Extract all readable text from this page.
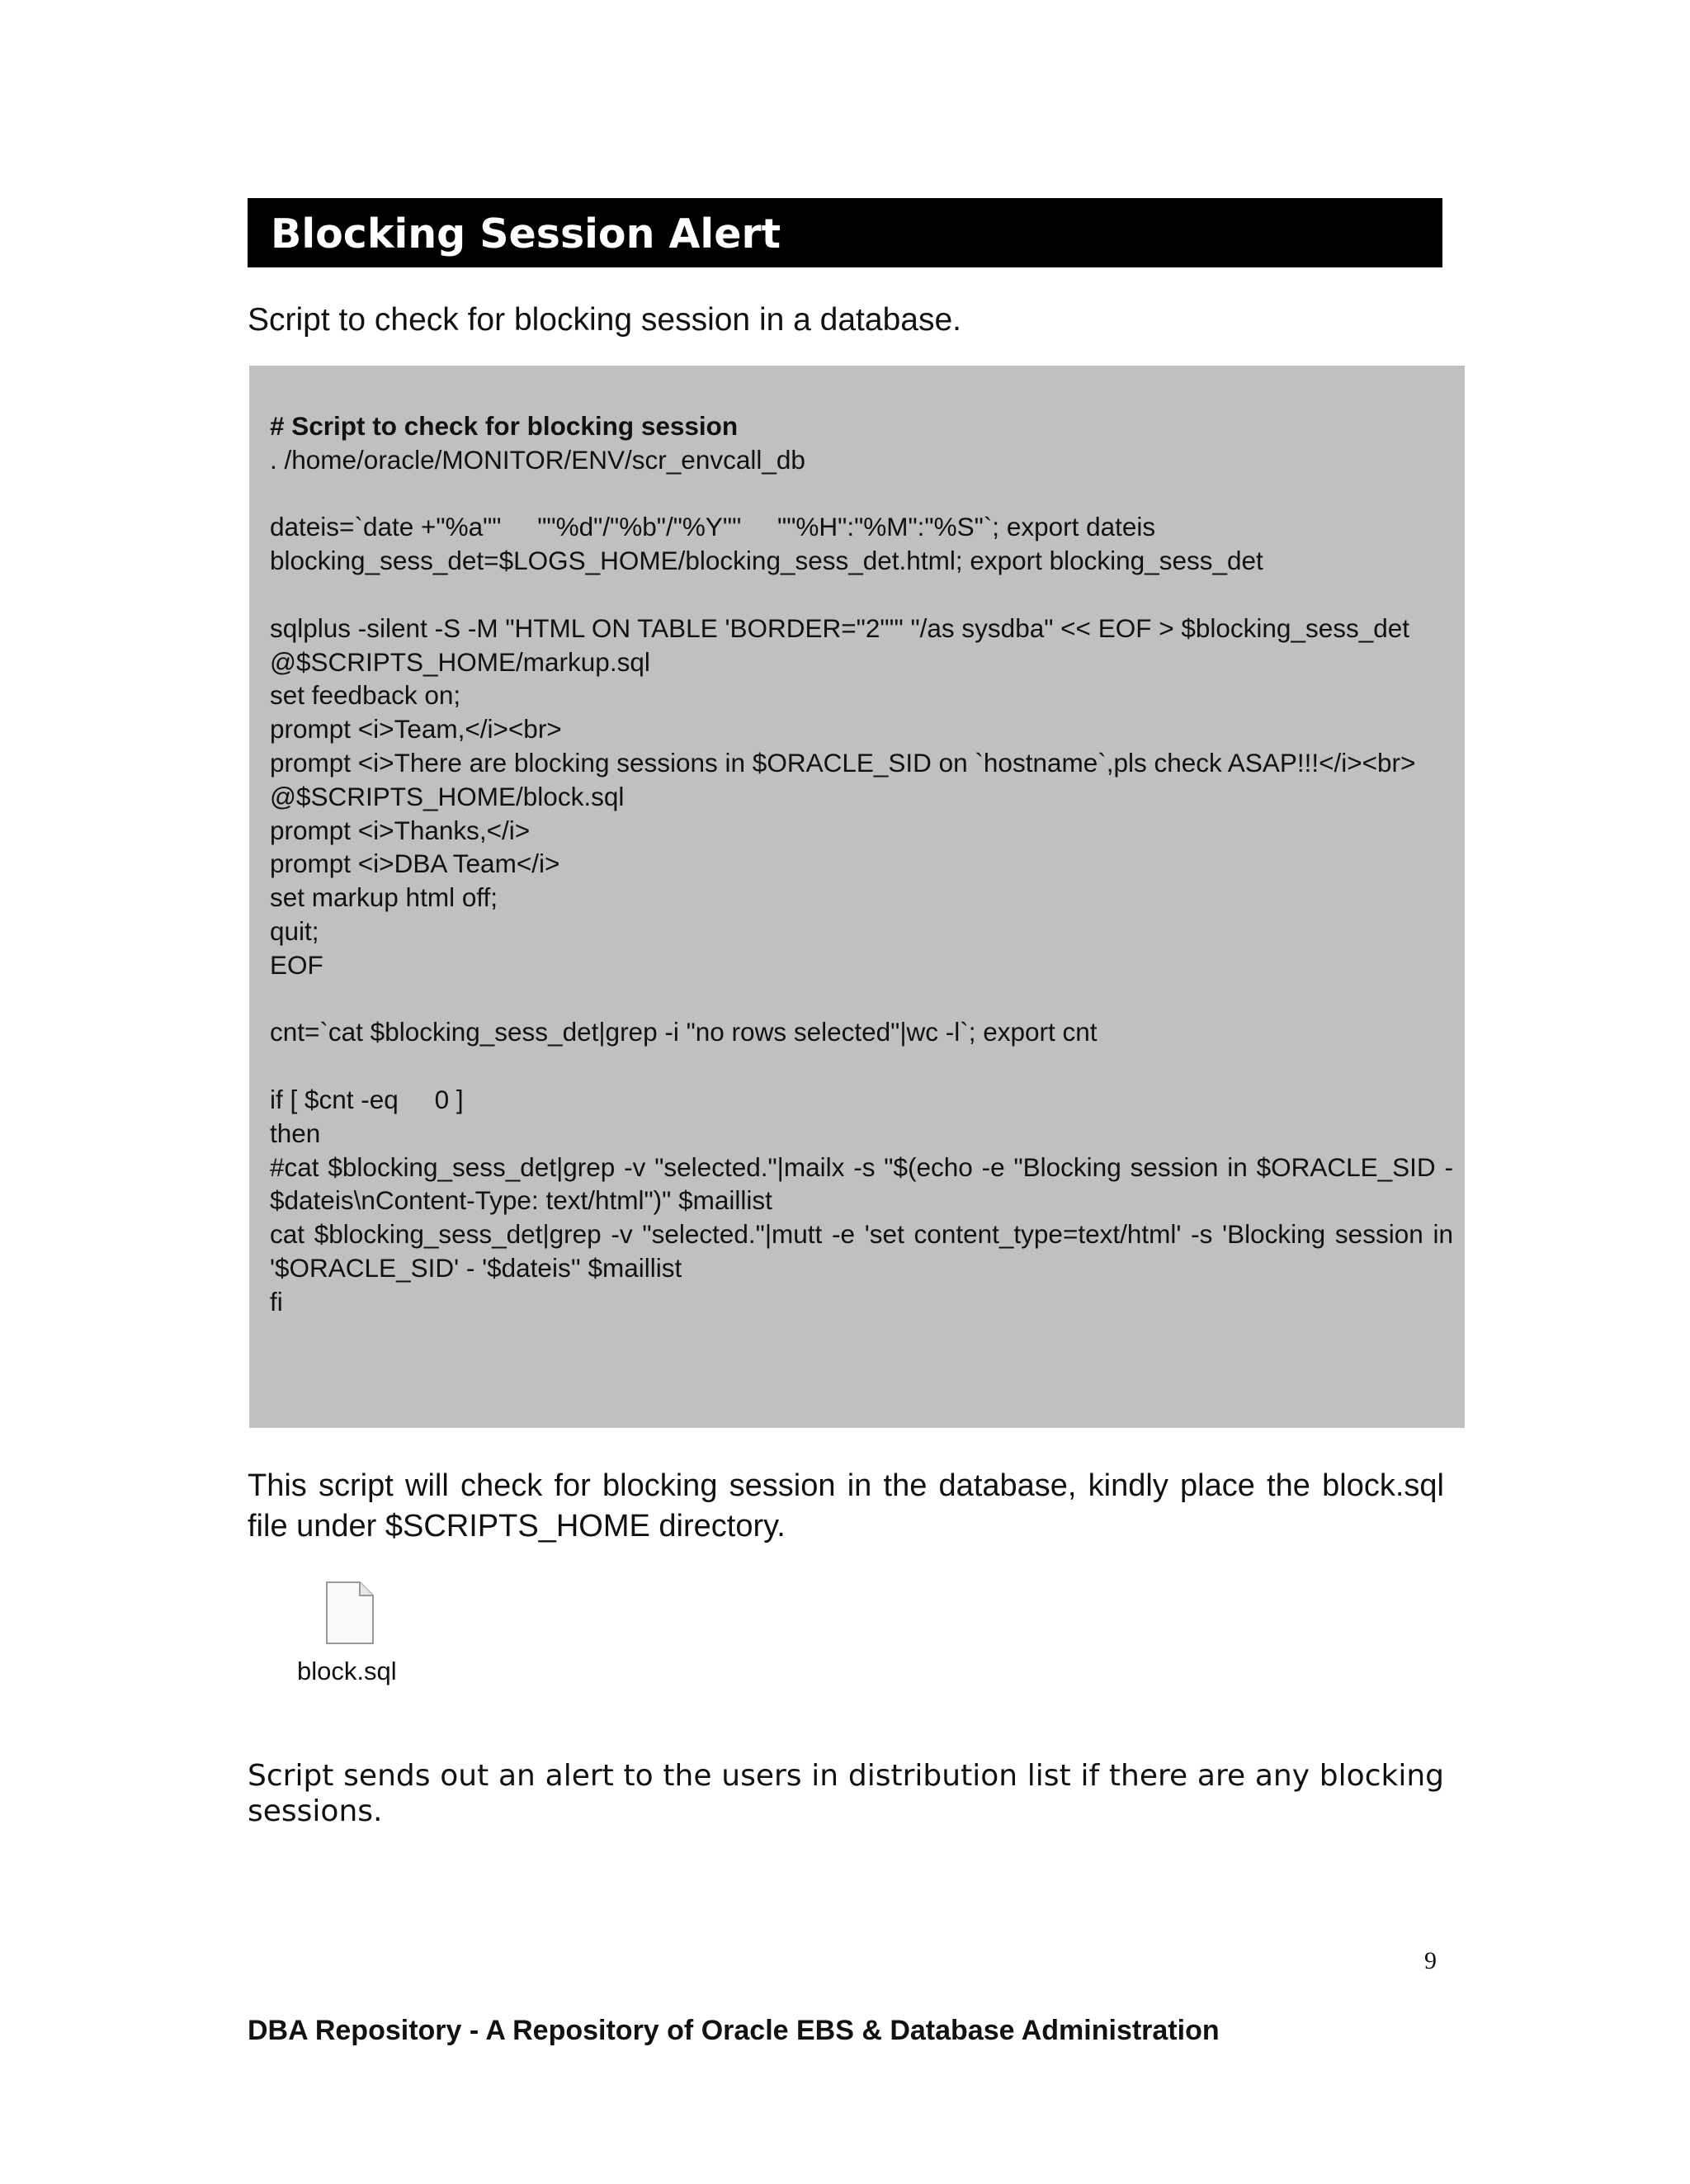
Blocking Session Alert
Script to check for blocking session in a database.
# Script to check for blocking session
. /home/oracle/MONITOR/ENV/scr_envcall_db
dateis=`date +"%a""     ""%d"/"%b"/"%Y""     ""%H":"%M":"%S"`; export dateis
blocking_sess_det=$LOGS_HOME/blocking_sess_det.html; export blocking_sess_det
sqlplus -silent -S -M "HTML ON TABLE 'BORDER="2"'" "/as sysdba" << EOF > $blocking_sess_det
@$SCRIPTS_HOME/markup.sql
set feedback on;
prompt <i>Team,</i><br>
prompt <i>There are blocking sessions in $ORACLE_SID on `hostname`,pls check ASAP!!!</i><br>
@$SCRIPTS_HOME/block.sql
prompt <i>Thanks,</i>
prompt <i>DBA Team</i>
set markup html off;
quit;
EOF
cnt=`cat $blocking_sess_det|grep -i "no rows selected"|wc -l`; export cnt
if [ $cnt -eq     0 ]
then
#cat $blocking_sess_det|grep -v "selected."|mailx -s "$(echo -e "Blocking session in $ORACLE_SID - $dateis\nContent-Type: text/html")" $maillist
cat $blocking_sess_det|grep -v "selected."|mutt -e 'set content_type=text/html' -s 'Blocking session in '$ORACLE_SID' - '$dateis'' $maillist
fi
This script will check for blocking session in the database, kindly place the block.sql file under $SCRIPTS_HOME directory.
block.sql
Script sends out an alert to the users in distribution list if there are any blocking sessions.
9
DBA Repository - A Repository of Oracle EBS & Database Administration
